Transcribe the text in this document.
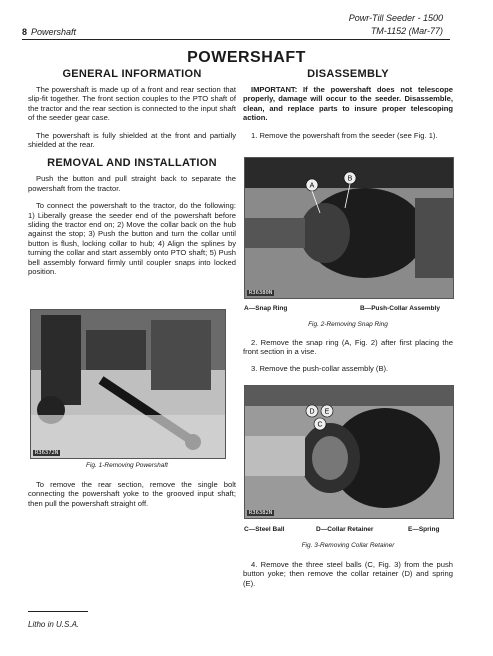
Powr-Till Seeder - 1500
TM-1152 (Mar-77)
8 Powershaft
POWERSHAFT
GENERAL INFORMATION

The powershaft is made up of a front and rear section that slip-fit together. The front section couples to the PTO shaft of the tractor and the rear section is connected to the input shaft of the seeder gear case.

The powershaft is fully shielded at the front and partially shielded at the rear.

REMOVAL AND INSTALLATION

Push the button and pull straight back to separate the powershaft from the tractor.

To connect the powershaft to the tractor, do the following: 1) Liberally grease the seeder end of the powershaft before sliding the tractor end on; 2) Move the collar back on the hub against the stop; 3) Push the button and turn the collar until button is flush, locking collar to hub; 4) Align the splines by turning the collar and start assembly onto PTO shaft; 5) Push bell assembly forward firmly until coupler snaps into locked position.

R36372N
Fig. 1-Removing Powershaft

To remove the rear section, remove the single bolt connecting the powershaft yoke to the grooved input shaft; then pull the powershaft straight off.

DISASSEMBLY

IMPORTANT: If the powershaft does not telescope properly, damage will occur to the seeder. Disassemble, clean, and replace parts to insure proper telescoping action.

1. Remove the powershaft from the seeder (see Fig. 1).

A
B
R36380N
A—Snap Ring	B—Push-Collar Assembly
Fig. 2-Removing Snap Ring

2. Remove the snap ring (A, Fig. 2) after first placing the front section in a vise.

3. Remove the push-collar assembly (B).

D
C
E
R36382N
C—Steel Ball	D—Collar Retainer	E—Spring
Fig. 3-Removing Collar Retainer

4. Remove the three steel balls (C, Fig. 3) from the push button yoke; then remove the collar retainer (D) and spring (E).

Litho in U.S.A.
